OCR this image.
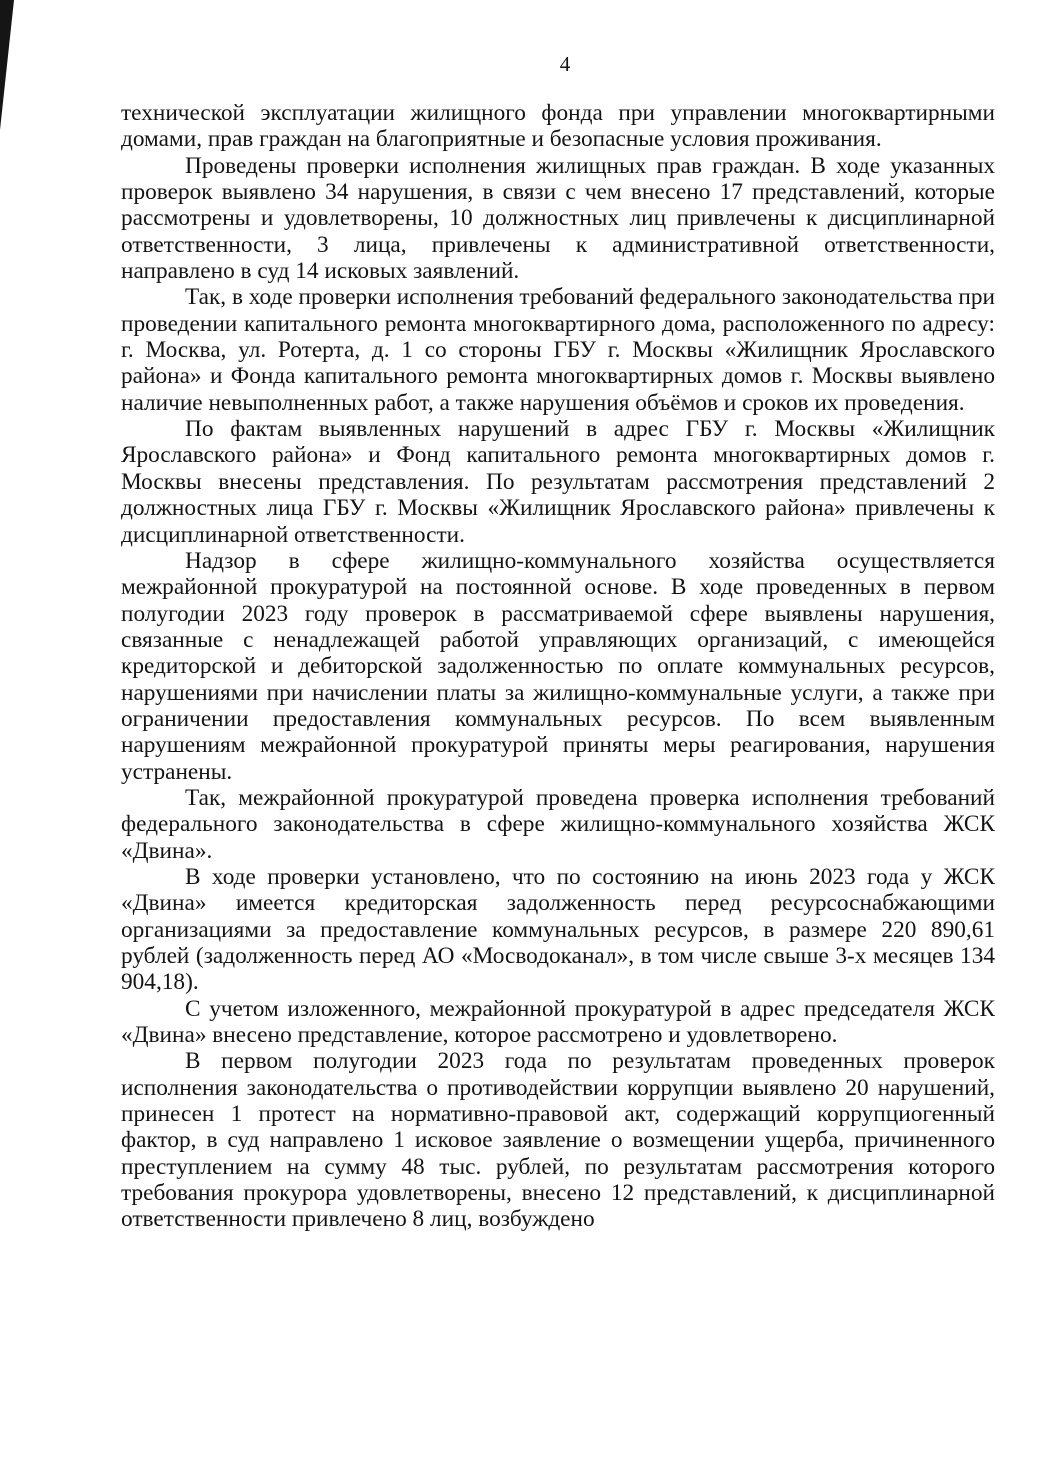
4

технической эксплуатации жилищного фонда при управлении многоквартирными домами, прав граждан на благоприятные и безопасные условия проживания.

Проведены проверки исполнения жилищных прав граждан. В ходе указанных проверок выявлено 34 нарушения, в связи с чем внесено 17 представлений, которые рассмотрены и удовлетворены, 10 должностных лиц привлечены к дисциплинарной ответственности, 3 лица, привлечены к административной ответственности, направлено в суд 14 исковых заявлений.

Так, в ходе проверки исполнения требований федерального законодательства при проведении капитального ремонта многоквартирного дома, расположенного по адресу: г. Москва, ул. Ротерта, д. 1 со стороны ГБУ г. Москвы «Жилищник Ярославского района» и Фонда капитального ремонта многоквартирных домов г. Москвы выявлено наличие невыполненных работ, а также нарушения объёмов и сроков их проведения.

По фактам выявленных нарушений в адрес ГБУ г. Москвы «Жилищник Ярославского района» и Фонд капитального ремонта многоквартирных домов г. Москвы внесены представления. По результатам рассмотрения представлений 2 должностных лица ГБУ г. Москвы «Жилищник Ярославского района» привлечены к дисциплинарной ответственности.

Надзор в сфере жилищно-коммунального хозяйства осуществляется межрайонной прокуратурой на постоянной основе. В ходе проведенных в первом полугодии 2023 году проверок в рассматриваемой сфере выявлены нарушения, связанные с ненадлежащей работой управляющих организаций, с имеющейся кредиторской и дебиторской задолженностью по оплате коммунальных ресурсов, нарушениями при начислении платы за жилищно-коммунальные услуги, а также при ограничении предоставления коммунальных ресурсов. По всем выявленным нарушениям межрайонной прокуратурой приняты меры реагирования, нарушения устранены.

Так, межрайонной прокуратурой проведена проверка исполнения требований федерального законодательства в сфере жилищно-коммунального хозяйства ЖСК «Двина».

В ходе проверки установлено, что по состоянию на июнь 2023 года у ЖСК «Двина» имеется кредиторская задолженность перед ресурсоснабжающими организациями за предоставление коммунальных ресурсов, в размере 220 890,61 рублей (задолженность перед АО «Мосводоканал», в том числе свыше 3-х месяцев 134 904,18).

С учетом изложенного, межрайонной прокуратурой в адрес председателя ЖСК «Двина» внесено представление, которое рассмотрено и удовлетворено.

В первом полугодии 2023 года по результатам проведенных проверок исполнения законодательства о противодействии коррупции выявлено 20 нарушений, принесен 1 протест на нормативно-правовой акт, содержащий коррупциогенный фактор, в суд направлено 1 исковое заявление о возмещении ущерба, причиненного преступлением на сумму 48 тыс. рублей, по результатам рассмотрения которого требования прокурора удовлетворены, внесено 12 представлений, к дисциплинарной ответственности привлечено 8 лиц, возбуждено
